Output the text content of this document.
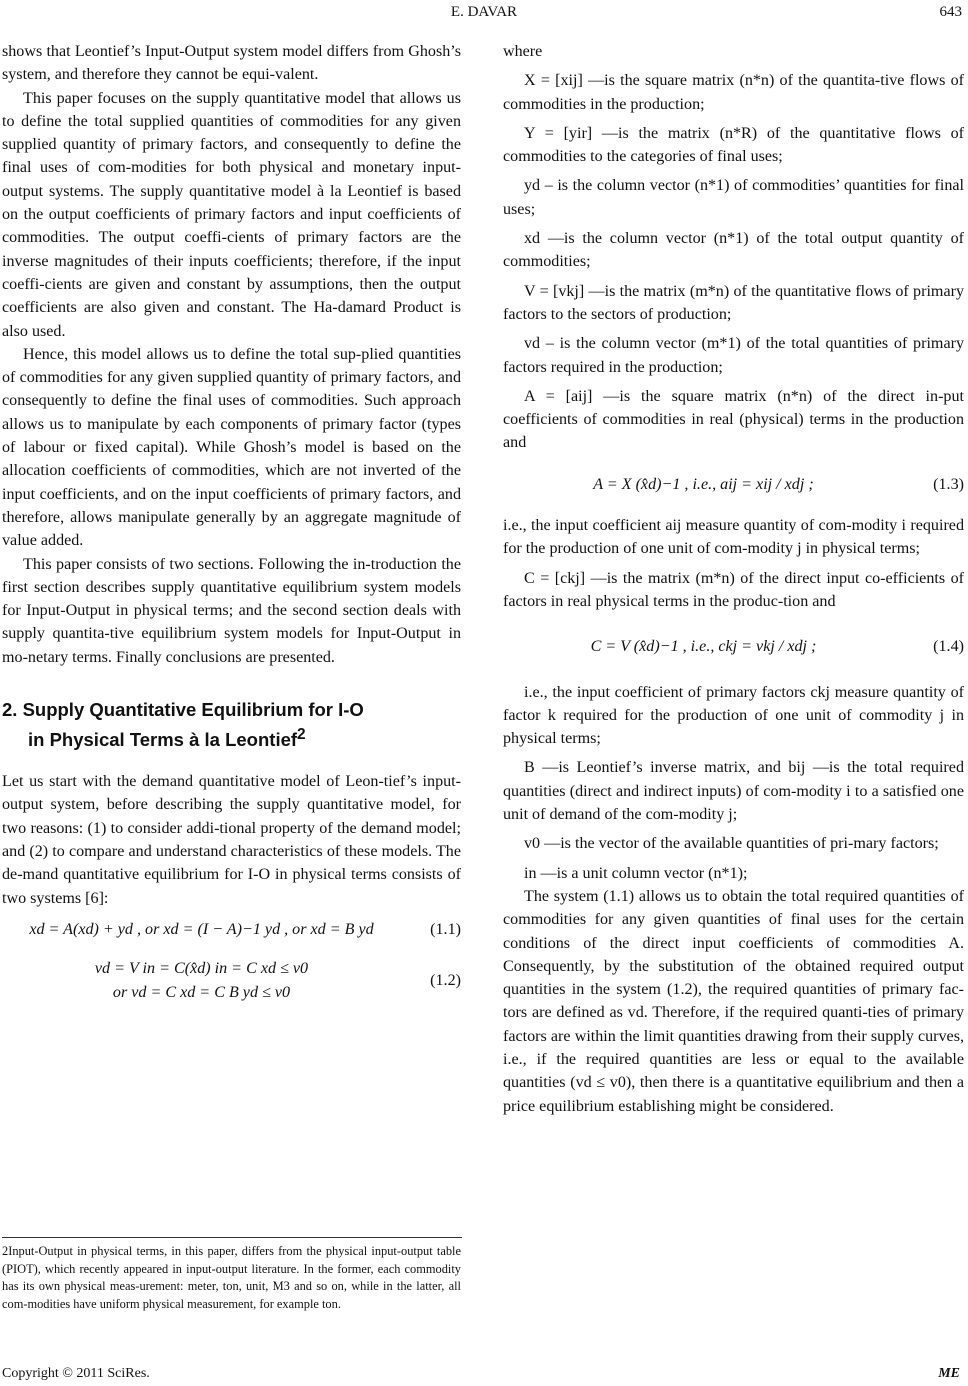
E. DAVAR	643

shows that Leontief’s Input-Output system model differs from Ghosh’s system, and therefore they cannot be equi-valent.

This paper focuses on the supply quantitative model that allows us to define the total supplied quantities of commodities for any given supplied quantity of primary factors, and consequently to define the final uses of com-modities for both physical and monetary input-output systems. The supply quantitative model à la Leontief is based on the output coefficients of primary factors and input coefficients of commodities. The output coeffi-cients of primary factors are the inverse magnitudes of their inputs coefficients; therefore, if the input coeffi-cients are given and constant by assumptions, then the output coefficients are also given and constant. The Ha-damard Product is also used.

Hence, this model allows us to define the total sup-plied quantities of commodities for any given supplied quantity of primary factors, and consequently to define the final uses of commodities. Such approach allows us to manipulate by each components of primary factor (types of labour or fixed capital). While Ghosh’s model is based on the allocation coefficients of commodities, which are not inverted of the input coefficients, and on the input coefficients of primary factors, and therefore, allows manipulate generally by an aggregate magnitude of value added.

This paper consists of two sections. Following the in-troduction the first section describes supply quantitative equilibrium system models for Input-Output in physical terms; and the second section deals with supply quantita-tive equilibrium system models for Input-Output in mo-netary terms. Finally conclusions are presented.

2. Supply Quantitative Equilibrium for I-O
in Physical Terms à la Leontief$^2$

Let us start with the demand quantitative model of Leon-tief’s input-output system, before describing the supply quantitative model, for two reasons: (1) to consider addi-tional property of the demand model; and (2) to compare and understand characteristics of these models. The de-mand quantitative equilibrium for I-O in physical terms consists of two systems [6]:

xd = A(xd) + yd , or xd = (I − A)−1 yd , or xd = B yd	(1.1)
vd = V in = C(x̂d) in = C xd ≤ v0
or vd = C xd = C B yd ≤ v0
(1.2)
2Input-Output in physical terms, in this paper, differs from the physical input-output table (PIOT), which recently appeared in input-output literature. In the former, each commodity has its own physical meas-urement: meter, ton, unit, M3 and so on, while in the latter, all com-modities have uniform physical measurement, for example ton.

where

X = [xij] —is the square matrix (n*n) of the quantita-tive flows of commodities in the production;

Y = [yir] —is the matrix (n*R) of the quantitative flows of commodities to the categories of final uses;

yd – is the column vector (n*1) of commodities’ quantities for final uses;

xd —is the column vector (n*1) of the total output quantity of commodities;

V = [vkj] —is the matrix (m*n) of the quantitative flows of primary factors to the sectors of production;

vd – is the column vector (m*1) of the total quantities of primary factors required in the production;

A = [aij] —is the square matrix (n*n) of the direct in-put coefficients of commodities in real (physical) terms in the production and

A = X (x̂d)−1 , i.e., aij = xij / xdj ;	(1.3)

i.e., the input coefficient aij measure quantity of com-modity i required for the production of one unit of com-modity j in physical terms;

C = [ckj] —is the matrix (m*n) of the direct input co-efficients of factors in real physical terms in the produc-tion and

C = V (x̂d)−1 , i.e., ckj = vkj / xdj ;	(1.4)

i.e., the input coefficient of primary factors ckj measure quantity of factor k required for the production of one unit of commodity j in physical terms;

B —is Leontief’s inverse matrix, and bij —is the total required quantities (direct and indirect inputs) of com-modity i to a satisfied one unit of demand of the com-modity j;

v0 —is the vector of the available quantities of pri-mary factors;

in —is a unit column vector (n*1);

The system (1.1) allows us to obtain the total required quantities of commodities for any given quantities of final uses for the certain conditions of the direct input coefficients of commodities A. Consequently, by the substitution of the obtained required output quantities in the system (1.2), the required quantities of primary fac-tors are defined as vd. Therefore, if the required quanti-ties of primary factors are within the limit quantities drawing from their supply curves, i.e., if the required quantities are less or equal to the available quantities (vd ≤ v0), then there is a quantitative equilibrium and then a price equilibrium establishing might be considered.

Copyright © 2011 SciRes.	ME
